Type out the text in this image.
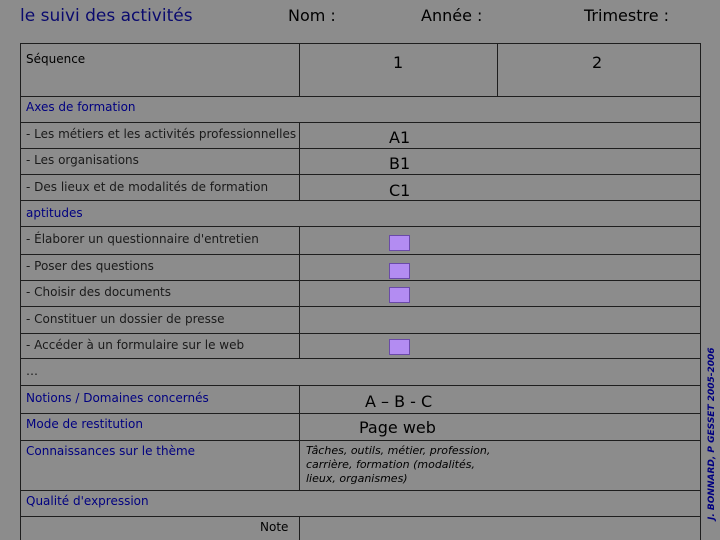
le suivi des activités	Nom :	Année :	Trimestre :
Séquence	1	2
Axes de formation
- Les métiers et les activités professionnelles	A1
- Les organisations	B1
- Des lieux et de modalités de formation	C1
aptitudes
- Élaborer un questionnaire d'entretien
- Poser des questions
- Choisir des documents
- Constituer un dossier de presse
- Accéder à un formulaire sur le web
…
Notions / Domaines concernés	A – B - C
Mode de restitution	Page web
Connaissances sur le thème	Tâches, outils, métier, profession, carrière, formation (modalités, lieux, organismes)
Qualité d'expression
Note
J. BONNARD, P GESSET 2005-2006
